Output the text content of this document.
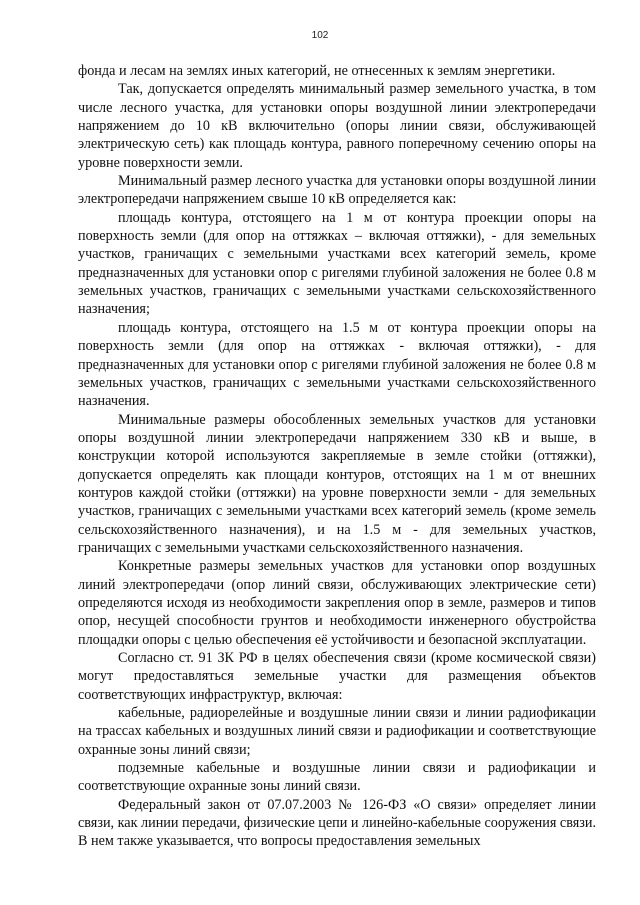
102

фонда и лесам на землях иных категорий, не отнесенных к землям энергетики.

Так, допускается определять минимальный размер земельного участка, в том числе лесного участка, для установки опоры воздушной линии электропередачи напряжением до 10 кВ включительно (опоры линии связи, обслуживающей электрическую сеть) как площадь контура, равного поперечному сечению опоры на уровне поверхности земли.

Минимальный размер лесного участка для установки опоры воздушной линии электропередачи напряжением свыше 10 кВ определяется как:

площадь контура, отстоящего на 1 м от контура проекции опоры на поверхность земли (для опор на оттяжках – включая оттяжки), - для земельных участков, граничащих с земельными участками всех категорий земель, кроме предназначенных для установки опор с ригелями глубиной заложения не более 0.8 м земельных участков, граничащих с земельными участками сельскохозяйственного назначения;

площадь контура, отстоящего на 1.5 м от контура проекции опоры на поверхность земли (для опор на оттяжках - включая оттяжки), - для предназначенных для установки опор с ригелями глубиной заложения не более 0.8 м земельных участков, граничащих с земельными участками сельскохозяйственного назначения.

Минимальные размеры обособленных земельных участков для установки опоры воздушной линии электропередачи напряжением 330 кВ и выше, в конструкции которой используются закрепляемые в земле стойки (оттяжки), допускается определять как площади контуров, отстоящих на 1 м от внешних контуров каждой стойки (оттяжки) на уровне поверхности земли - для земельных участков, граничащих с земельными участками всех категорий земель (кроме земель сельскохозяйственного назначения), и на 1.5 м - для земельных участков, граничащих с земельными участками сельскохозяйственного назначения.

Конкретные размеры земельных участков для установки опор воздушных линий электропередачи (опор линий связи, обслуживающих электрические сети) определяются исходя из необходимости закрепления опор в земле, размеров и типов опор, несущей способности грунтов и необходимости инженерного обустройства площадки опоры с целью обеспечения её устойчивости и безопасной эксплуатации.

Согласно ст. 91 ЗК РФ в целях обеспечения связи (кроме космической связи) могут предоставляться земельные участки для размещения объектов соответствующих инфраструктур, включая:

кабельные, радиорелейные и воздушные линии связи и линии радиофикации на трассах кабельных и воздушных линий связи и радиофикации и соответствующие охранные зоны линий связи;

подземные кабельные и воздушные линии связи и радиофикации и соответствующие охранные зоны линий связи.

Федеральный закон от 07.07.2003 № 126-ФЗ «О связи» определяет линии связи, как линии передачи, физические цепи и линейно-кабельные сооружения связи. В нем также указывается, что вопросы предоставления земельных
